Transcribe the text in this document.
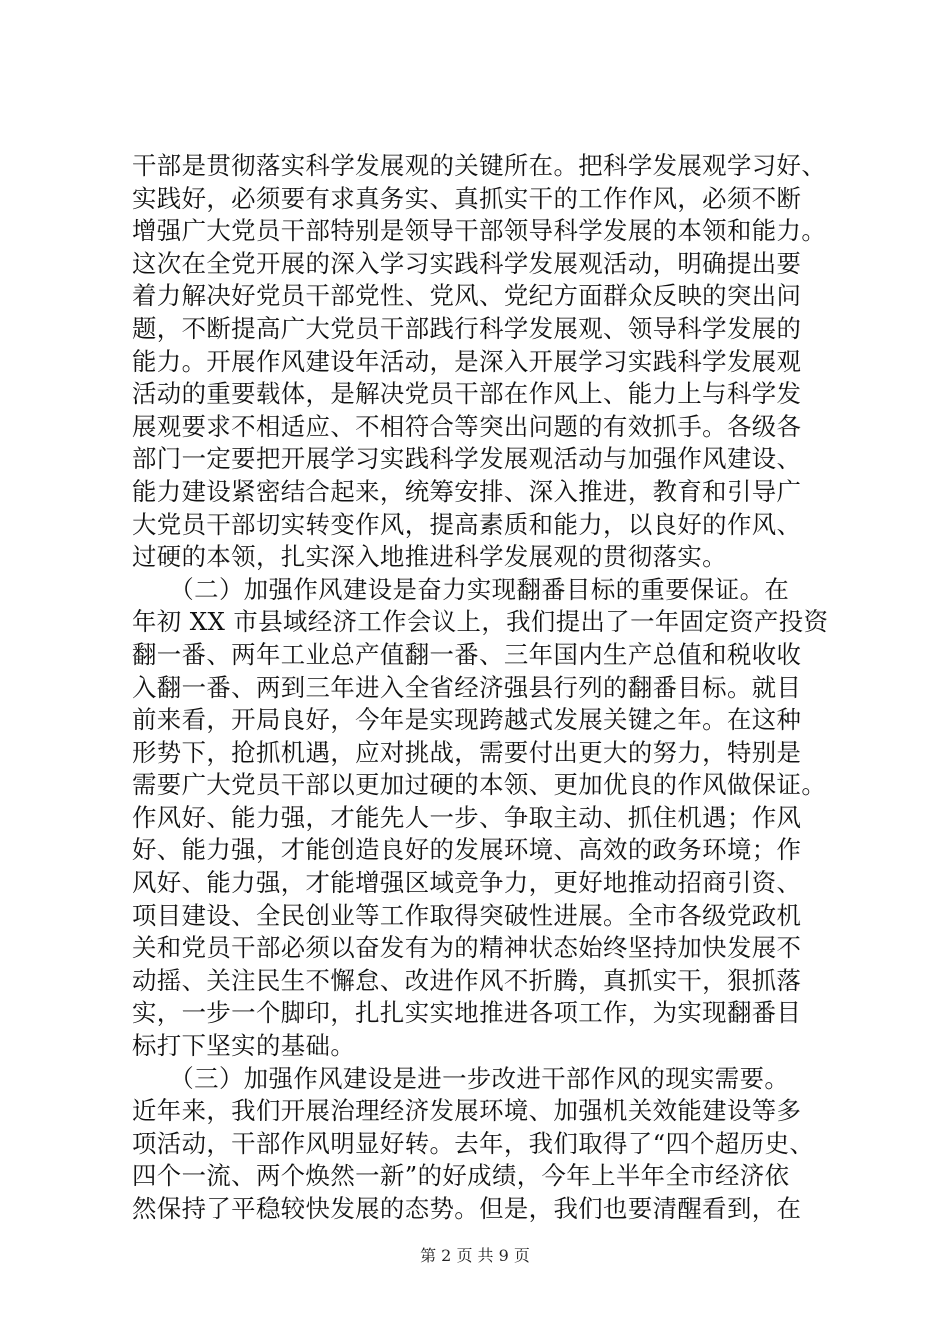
干部是贯彻落实科学发展观的关键所在。把科学发展观学习好、
实践好，必须要有求真务实、真抓实干的工作作风，必须不断
增强广大党员干部特别是领导干部领导科学发展的本领和能力。
这次在全党开展的深入学习实践科学发展观活动，明确提出要
着力解决好党员干部党性、党风、党纪方面群众反映的突出问
题，不断提高广大党员干部践行科学发展观、领导科学发展的
能力。开展作风建设年活动，是深入开展学习实践科学发展观
活动的重要载体，是解决党员干部在作风上、能力上与科学发
展观要求不相适应、不相符合等突出问题的有效抓手。各级各
部门一定要把开展学习实践科学发展观活动与加强作风建设、
能力建设紧密结合起来，统筹安排、深入推进，教育和引导广
大党员干部切实转变作风，提高素质和能力，以良好的作风、
过硬的本领，扎实深入地推进科学发展观的贯彻落实。
　　（二）加强作风建设是奋力实现翻番目标的重要保证。在
年初 XX 市县域经济工作会议上，我们提出了一年固定资产投资
翻一番、两年工业总产值翻一番、三年国内生产总值和税收收
入翻一番、两到三年进入全省经济强县行列的翻番目标。就目
前来看，开局良好，今年是实现跨越式发展关键之年。在这种
形势下，抢抓机遇，应对挑战，需要付出更大的努力，特别是
需要广大党员干部以更加过硬的本领、更加优良的作风做保证。
作风好、能力强，才能先人一步、争取主动、抓住机遇；作风
好、能力强，才能创造良好的发展环境、高效的政务环境；作
风好、能力强，才能增强区域竞争力，更好地推动招商引资、
项目建设、全民创业等工作取得突破性进展。全市各级党政机
关和党员干部必须以奋发有为的精神状态始终坚持加快发展不
动摇、关注民生不懈怠、改进作风不折腾，真抓实干，狠抓落
实，一步一个脚印，扎扎实实地推进各项工作，为实现翻番目
标打下坚实的基础。
　　（三）加强作风建设是进一步改进干部作风的现实需要。
近年来，我们开展治理经济发展环境、加强机关效能建设等多
项活动，干部作风明显好转。去年，我们取得了“四个超历史、
四个一流、两个焕然一新”的好成绩，今年上半年全市经济依
然保持了平稳较快发展的态势。但是，我们也要清醒看到，在
第 2 页 共 9 页
